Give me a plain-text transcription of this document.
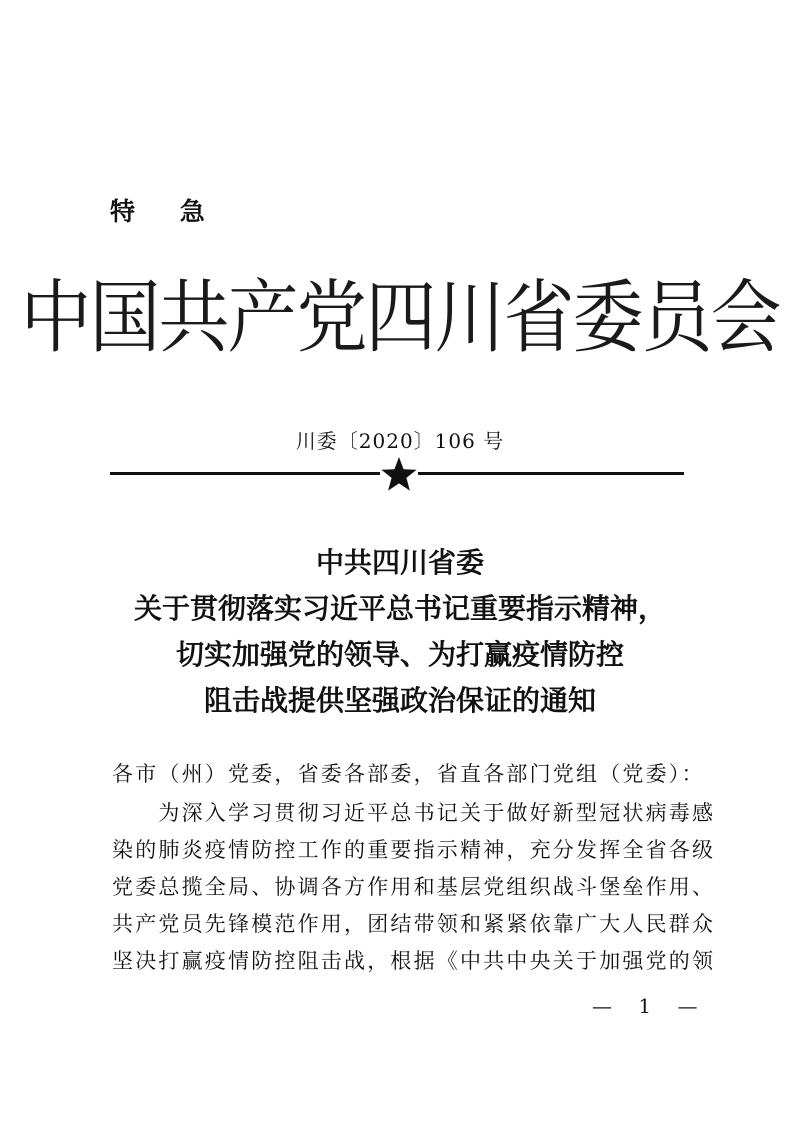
特 急
中国共产党四川省委员会
川委〔2020〕106 号
中共四川省委
关于贯彻落实习近平总书记重要指示精神，
切实加强党的领导、为打赢疫情防控
阻击战提供坚强政治保证的通知
各市（州）党委，省委各部委，省直各部门党组（党委）：
　　为深入学习贯彻习近平总书记关于做好新型冠状病毒感
染的肺炎疫情防控工作的重要指示精神，充分发挥全省各级
党委总揽全局、协调各方作用和基层党组织战斗堡垒作用、
共产党员先锋模范作用，团结带领和紧紧依靠广大人民群众
坚决打赢疫情防控阻击战，根据《中共中央关于加强党的领
— 1 —
